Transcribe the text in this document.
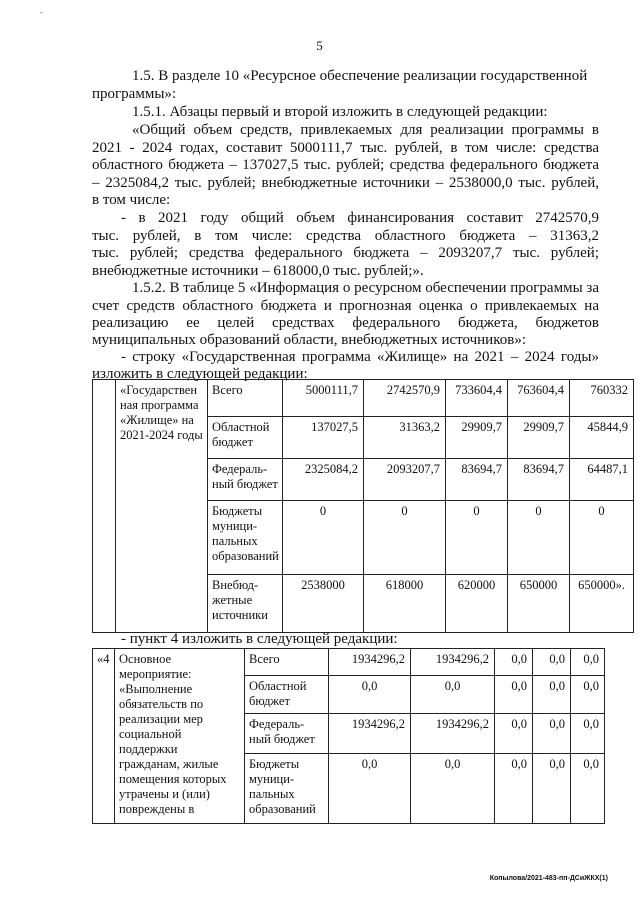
-
5
1.5. В разделе 10 «Ресурсное обеспечение реализации государственной
программы»:
1.5.1. Абзацы первый и второй изложить в следующей редакции:
«Общий объем средств, привлекаемых для реализации программы в
2021 - 2024 годах, составит 5000111,7 тыс. рублей, в том числе: средства
областного бюджета – 137027,5 тыс. рублей; средства федерального бюджета
– 2325084,2 тыс. рублей; внебюджетные источники – 2538000,0 тыс. рублей,
в том числе:
- в 2021 году общий объем финансирования составит 2742570,9
тыс. рублей, в том числе: средства областного бюджета – 31363,2
тыс. рублей; средства федерального бюджета – 2093207,7 тыс. рублей;
внебюджетные источники – 618000,0 тыс. рублей;».
1.5.2. В таблице 5 «Информация о ресурсном обеспечении программы за
счет средств областного бюджета и прогнозная оценка о привлекаемых на
реализацию ее целей средствах федерального бюджета, бюджетов
муниципальных образований области, внебюджетных источников»:
- строку «Государственная программа «Жилище» на 2021 – 2024 годы»
изложить в следующей редакции:
	«Государствен ная программа «Жилище» на 2021-2024 годы	Всего	5000111,7	2742570,9	733604,4	763604,4	760332
		Областной бюджет	137027,5	31363,2	29909,7	29909,7	45844,9
		Федераль-ный бюджет	2325084,2	2093207,7	83694,7	83694,7	64487,1
		Бюджеты муници-пальных образований	0	0	0	0	0
		Внебюд-жетные источники	2538000	618000	620000	650000	650000».
- пункт 4 изложить в следующей редакции:
«4	Основное мероприятие: «Выполнение обязательств по реализации мер социальной поддержки гражданам, жилые помещения которых утрачены и (или) повреждены в	Всего	1934296,2	1934296,2	0,0	0,0	0,0
		Областной бюджет	0,0	0,0	0,0	0,0	0,0
		Федераль-ный бюджет	1934296,2	1934296,2	0,0	0,0	0,0
		Бюджеты муници-пальных образований	0,0	0,0	0,0	0,0	0,0
Копылова/2021-483-пп-ДСиЖКХ(1)
